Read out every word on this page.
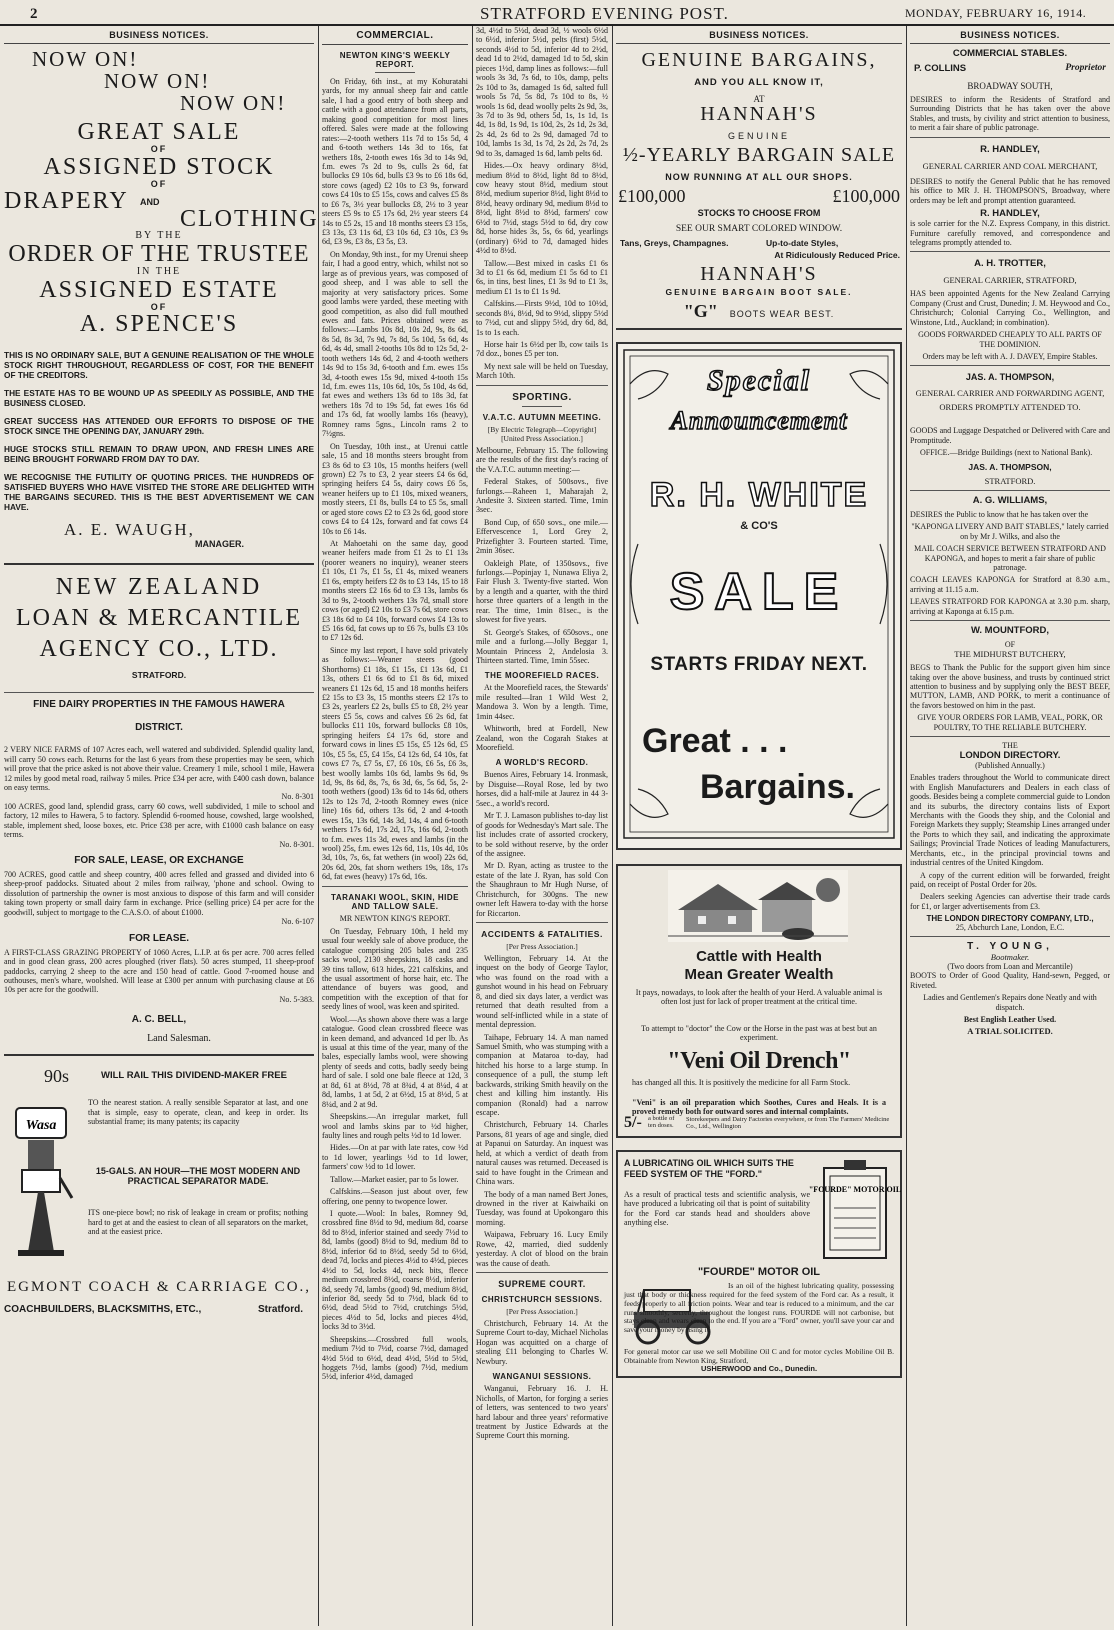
2	STRATFORD EVENING POST.	MONDAY, FEBRUARY 16, 1914.
BUSINESS NOTICES.
NOW ON!
NOW ON!
NOW ON!
GREAT SALE
OF
ASSIGNED STOCK
OF
DRAPERY AND
CLOTHING
BY THE
ORDER OF THE TRUSTEE
IN THE
ASSIGNED ESTATE
OF
A. SPENCE'S
THIS IS NO ORDINARY SALE, BUT A GENUINE REALISATION OF THE WHOLE STOCK RIGHT THROUGHOUT, REGARDLESS OF COST, FOR THE BENEFIT OF THE CREDITORS.
THE ESTATE HAS TO BE WOUND UP AS SPEEDILY AS POSSIBLE, AND THE BUSINESS CLOSED.
GREAT SUCCESS HAS ATTENDED OUR EFFORTS TO DISPOSE OF THE STOCK SINCE THE OPENING DAY, JANUARY 29th.
HUGE STOCKS STILL REMAIN TO DRAW UPON, AND FRESH LINES ARE BEING BROUGHT FORWARD FROM DAY TO DAY.
WE RECOGNISE THE FUTILITY OF QUOTING PRICES. THE HUNDREDS OF SATISFIED BUYERS WHO HAVE VISITED THE STORE ARE DELIGHTED WITH THE BARGAINS SECURED. THIS IS THE BEST ADVERTISEMENT WE CAN HAVE.
A. E. WAUGH,
MANAGER.
NEW ZEALAND
LOAN & MERCANTILE
AGENCY CO., LTD.
STRATFORD.
FINE DAIRY PROPERTIES IN THE FAMOUS HAWERA
DISTRICT.
2 VERY NICE FARMS of 107 Acres each, well watered and subdivided. Splendid quality land, will carry 50 cows each. Returns for the last 6 years from these properties may be seen, which will prove that the price asked is not above their value. Creamery 1 mile, school 1 mile, Hawera 12 miles by good metal road, railway 5 miles. Price £34 per acre, with £400 cash down, balance on easy terms.
No. 8-301
100 ACRES, good land, splendid grass, carry 60 cows, well subdivided, 1 mile to school and factory, 12 miles to Hawera, 5 to factory. Splendid 6-roomed house, cowshed, large woolshed, stable, implement shed, loose boxes, etc. Price £38 per acre, with £1000 cash balance on easy terms.
No. 8-301.
FOR SALE, LEASE, OR EXCHANGE
700 ACRES, good cattle and sheep country, 400 acres felled and grassed and divided into 6 sheep-proof paddocks. Situated about 2 miles from railway, 'phone and school. Owing to dissolution of partnership the owner is most anxious to dispose of this farm and will consider taking town property or small dairy farm in exchange. Price (selling price) £4 per acre for the goodwill, subject to mortgage to the C.A.S.O. of about £1000.
No. 6-107
FOR LEASE.
A FIRST-CLASS GRAZING PROPERTY of 1060 Acres, L.I.P. at 6s per acre. 700 acres felled and in good clean grass, 200 acres ploughed (river flats). 50 acres stumped, 11 sheep-proof paddocks, carrying 2 sheep to the acre and 150 head of cattle. Good 7-roomed house and outhouses, men's whare, woolshed. Will lease at £300 per annum with purchasing clause at £6 10s per acre for the goodwill.
No. 5-383.
A. C. BELL,
Land Salesman.
90s	WILL RAIL THIS DIVIDEND-MAKER FREE
Wasa
TO the nearest station. A really sensible Separator at last, and one that is simple, easy to operate, clean, and keep in order. Its substantial frame; its many patents; its capacity
15-GALS. AN HOUR—THE MOST MODERN AND PRACTICAL SEPARATOR MADE.
ITS one-piece bowl; no risk of leakage in cream or profits; nothing hard to get at and the easiest to clean of all separators on the market, and at the easiest price.
EGMONT COACH & CARRIAGE CO.,
COACHBUILDERS, BLACKSMITHS, ETC.,	Stratford.
COMMERCIAL.
NEWTON KING'S WEEKLY REPORT.
On Friday, 6th inst., at my Kohuratahi yards, for my annual sheep fair and cattle sale, I had a good entry of both sheep and cattle with a good attendance from all parts, making good competition for most lines offered. Sales were made at the following rates:—2-tooth wethers 11s 7d to 15s 5d, 4 and 6-tooth wethers 14s 3d to 16s, fat wethers 18s, 2-tooth ewes 16s 3d to 14s 9d, f.m. ewes 7s 2d to 9s, culls 2s 6d, fat bullocks £9 10s 6d, bulls £3 9s to £6 18s 6d, store cows (aged) £2 10s to £3 9s, forward cows £4 10s to £5 15s, cows and calves £5 8s to £6 7s, 3½ year bullocks £8, 2½ to 3 year steers £5 9s to £5 17s 6d, 2½ year steers £4 14s to £5 2s, 15 and 18 months steers £3 15s, £3 13s, £3 11s 6d, £3 10s 6d, £3 10s, £3 9s 6d, £3 9s, £3 8s, £3 5s, £3.
On Monday, 9th inst., for my Urenui sheep fair, I had a good entry, which, whilst not so large as of previous years, was composed of good sheep, and I was able to sell the majority at very satisfactory prices. Some good lambs were yarded, these meeting with good competition, as also did full mouthed ewes and fats. Prices obtained were as follows:—Lambs 10s 8d, 10s 2d, 9s, 8s 6d, 8s 5d, 8s 3d, 7s 9d, 7s 8d, 5s 10d, 5s 6d, 4s 6d, 4s 4d, small 2-tooths 10s 8d to 12s 5d, 2-tooth wethers 14s 6d, 2 and 4-tooth wethers 14s 9d to 15s 3d, 6-tooth and f.m. ewes 15s 3d, 4-tooth ewes 15s 9d, mixed 4-tooth 15s 1d, f.m. ewes 11s, 10s 6d, 10s, 5s 10d, 4s 6d, fat ewes and wethers 13s 6d to 18s 3d, fat wethers 18s 7d to 19s 5d, fat ewes 16s 6d and 17s 6d, fat woolly lambs 16s (heavy), Romney rams 5gns., Lincoln rams 2 to 7½gns.
On Tuesday, 10th inst., at Urenui cattle sale, 15 and 18 months steers brought from £3 8s 6d to £3 10s, 15 months heifers (well grown) £2 7s to £3, 2 year steers £4 6s 6d, springing heifers £4 5s, dairy cows £6 5s, weaner heifers up to £1 10s, mixed weaners, mostly steers, £1 8s, bulls £4 to £5 5s, small or aged store cows £2 to £3 2s 6d, good store cows £4 to £4 12s, forward and fat cows £4 10s to £6 14s.
At Mahoetahi on the same day, good weaner heifers made from £1 2s to £1 13s (poorer weaners no inquiry), weaner steers £1 10s, £1 7s, £1 5s, £1 4s, mixed weaners £1 6s, empty heifers £2 8s to £3 14s, 15 to 18 months steers £2 16s 6d to £3 13s, lambs 6s 3d to 9s, 2-tooth wethers 13s 7d, small store cows (or aged) £2 10s to £3 7s 6d, store cows £3 18s 6d to £4 10s, forward cows £4 13s to £5 16s 6d, fat cows up to £6 7s, bulls £3 10s to £7 12s 6d.
Since my last report, I have sold privately as follows:—Weaner steers (good Shorthorns) £1 18s, £1 15s, £1 13s 6d, £1 13s, others £1 6s 6d to £1 8s 6d, mixed weaners £1 12s 6d, 15 and 18 months heifers £2 15s to £3 3s, 15 months steers £2 17s to £3 2s, yearlers £2 2s, bulls £5 to £8, 2½ year steers £5 5s, cows and calves £6 2s 6d, fat bullocks £11 10s, forward bullocks £8 10s, springing heifers £4 17s 6d, store and forward cows in lines £5 15s, £5 12s 6d, £5 10s, £5 5s, £5, £4 15s, £4 12s 6d, £4 10s, fat cows £7 7s, £7 5s, £7, £6 10s, £6 5s, £6 3s, best woolly lambs 10s 6d, lambs 9s 6d, 9s 1d, 9s, 8s 6d, 8s, 7s, 6s 3d, 6s, 5s 6d, 5s, 2-tooth wethers (good) 13s 6d to 14s 6d, others 12s to 12s 7d, 2-tooth Romney ewes (nice line) 16s 6d, others 13s 6d, 2 and 4-tooth ewes 15s, 13s 6d, 14s 3d, 14s, 4 and 6-tooth wethers 17s 6d, 17s 2d, 17s, 16s 6d, 2-tooth to f.m. ewes 11s 3d, ewes and lambs (in the wool) 25s, f.m. ewes 12s 6d, 11s, 10s 4d, 10s 3d, 10s, 7s, 6s, fat wethers (in wool) 22s 6d, 20s 6d, 20s, fat shorn wethers 19s, 18s, 17s 6d, fat ewes (heavy) 17s 6d, 16s.
TARANAKI WOOL, SKIN, HIDE AND TALLOW SALE.
MR NEWTON KING'S REPORT.
On Tuesday, February 10th, I held my usual four weekly sale of above produce, the catalogue comprising 205 bales and 235 sacks wool, 2130 sheepskins, 18 casks and 39 tins tallow, 613 hides, 221 calfskins, and the usual assortment of horse hair, etc. The attendance of buyers was good, and competition with the exception of that for seedy lines of wool, was keen and spirited.
Wool.—As shown above there was a large catalogue. Good clean crossbred fleece was in keen demand, and advanced 1d per lb. As is usual at this time of the year, many of the bales, especially lambs wool, were showing plenty of seeds and cotts, badly seedy being hard of sale. I sold one bale fleece at 12d, 3 at 8d, 61 at 8½d, 78 at 8¾d, 4 at 8¼d, 4 at 8d, lambs, 1 at 5d, 2 at 6½d, 15 at 8½d, 5 at 8¼d, and 2 at 9d.
Sheepskins.—An irregular market, full wool and lambs skins par to ½d higher, faulty lines and rough pelts ½d to 1d lower.
Hides.—On at par with late rates, cow ½d to 1d lower, yearlings ½d to 1d lower, farmers' cow ½d to 1d lower.
Tallow.—Market easier, par to 5s lower.
Calfskins.—Season just about over, few offering, one penny to twopence lower.
I quote.—Wool: In bales, Romney 9d, crossbred fine 8½d to 9d, medium 8d, coarse 8d to 8½d, inferior stained and seedy 7½d to 8d, lambs (good) 8½d to 9d, medium 8d to 8½d, inferior 6d to 8½d, seedy 5d to 6½d, dead 7d, locks and pieces 4½d to 4½d, pieces 4½d to 5d, locks 4d, neck bits, fleece medium crossbred 8½d, coarse 8½d, inferior 8d, seedy 7d, lambs (good) 9d, medium 8½d, inferior 8d, seedy 5d to 7½d, black 6d to 6½d, dead 5½d to 7½d, crutchings 5½d, pieces 4½d to 5d, locks and pieces 4½d, locks 3d to 3½d.
Sheepskins.—Crossbred full wools, medium 7½d to 7½d, coarse 7½d, damaged 4½d 5½d to 6½d, dead 4½d, 5½d to 5½d, hoggets 7½d, lambs (good) 7½d, medium 5½d, inferior 4½d, damaged
3d, 4½d to 5½d, dead 3d, ½ wools 6½d to 6½d, inferior 5½d, pelts (first) 5½d, seconds 4½d to 5d, inferior 4d to 2½d, dead 1d to 2½d, damaged 1d to 5d, skin pieces 1½d, damp lines as follows:—full wools 3s 3d, 7s 6d, to 10s, damp, pelts 2s 10d to 3s, damaged 1s 6d, salted full wools 5s 7d, 5s 8d, 7s 10d to 8s, ½ wools 1s 6d, dead woolly pelts 2s 9d, 3s, 3s 7d to 3s 9d, others 5d, 1s, 1s 1d, 1s 4d, 1s 8d, 1s 9d, 1s 10d, 2s, 2s 1d, 2s 3d, 2s 4d, 2s 6d to 2s 9d, damaged 7d to 10d, lambs 1s 3d, 1s 7d, 2s 2d, 2s 7d, 2s 9d to 3s, damaged 1s 6d, lamb pelts 6d.
Hides.—Ox heavy ordinary 8½d, medium 8½d to 8½d, light 8d to 8½d, cow heavy stout 8½d, medium stout 8½d, medium superior 8½d, light 8½d to 8½d, heavy ordinary 9d, medium 8½d to 8½d, light 8½d to 8½d, farmers' cow 6½d to 7½d, stags 5½d to 6d, dry cow 8d, horse hides 3s, 5s, 6s 6d, yearlings (ordinary) 6½d to 7d, damaged hides 4½d to 8½d.
Tallow.—Best mixed in casks £1 6s 3d to £1 6s 6d, medium £1 5s 6d to £1 6s, in tins, best lines, £1 3s 9d to £1 3s, medium £1 1s to £1 1s 9d.
Calfskins.—Firsts 9½d, 10d to 10½d, seconds 8¼, 8½d, 9d to 9½d, slippy 5½d to 7½d, cut and slippy 5½d, dry 6d, 8d, 1s to 1s each.
Horse hair 1s 6½d per lb, cow tails 1s 7d doz., bones £5 per ton.
My next sale will be held on Tuesday, March 10th.
SPORTING.
V.A.T.C. AUTUMN MEETING.
[By Electric Telegraph—Copyright] [United Press Association.]
Melbourne, February 15. The following are the results of the first day's racing of the V.A.T.C. autumn meeting:—
Federal Stakes, of 500sovs., five furlongs.—Raheen 1, Maharajah 2, Andesite 3. Sixteen started. Time, 1min 3sec.
Bond Cup, of 650 sovs., one mile.—Effervescence 1, Lord Grey 2, Prizefighter 3. Fourteen started. Time, 2min 36sec.
Oakleigh Plate, of 1350sovs., five furlongs.—Popinjay 1, Nunawa Eliya 2, Fair Flush 3. Twenty-five started. Won by a length and a quarter, with the third horse three quarters of a length in the rear. The time, 1min 81sec., is the slowest for five years.
St. George's Stakes, of 650sovs., one mile and a furlong.—Jolly Beggar 1, Mountain Princess 2, Andelosia 3. Thirteen started. Time, 1min 55sec.
THE MOOREFIELD RACES.
At the Moorefield races, the Stewards' mile resulted—Iran 1 Wild West 2, Mandowa 3. Won by a length. Time, 1min 44sec.
Whitworth, bred at Fordell, New Zealand, won the Cogarah Stakes at Moorefield.
A WORLD'S RECORD.
Buenos Aires, February 14. Ironmask, by Disguise—Royal Rose, led by two horses, did a half-mile at Jaurez in 44 3-5sec., a world's record.
Mr T. J. Lamason publishes to-day list of goods for Wednesday's Mart sale. The list includes crate of assorted crockery, to be sold without reserve, by the order of the assignee.
Mr D. Ryan, acting as trustee to the estate of the late J. Ryan, has sold Con the Shaughraun to Mr Hugh Nurse, of Christchurch, for 300gns. The new owner left Hawera to-day with the horse for Riccarton.
ACCIDENTS & FATALITIES.
[Per Press Association.]
Wellington, February 14. At the inquest on the body of George Taylor, who was found on the road with a gunshot wound in his head on February 8, and died six days later, a verdict was returned that death resulted from a wound self-inflicted while in a state of mental depression.
Taihape, February 14. A man named Samuel Smith, who was stumping with a companion at Mataroa to-day, had hitched his horse to a large stump. In consequence of a pull, the stump left backwards, striking Smith heavily on the chest and killing him instantly. His companion (Ronald) had a narrow escape.
Christchurch, February 14. Charles Parsons, 81 years of age and single, died at Papanui on Saturday. An inquest was held, at which a verdict of death from natural causes was returned. Deceased is said to have fought in the Crimean and China wars.
The body of a man named Bert Jones, drowned in the river at Kaiwhaiki on Tuesday, was found at Upokongaro this morning.
Waipawa, February 16. Lucy Emily Rowe, 42, married, died suddenly yesterday. A clot of blood on the brain was the cause of death.
SUPREME COURT.
CHRISTCHURCH SESSIONS.
[Per Press Association.]
Christchurch, February 14. At the Supreme Court to-day, Michael Nicholas Hogan was acquitted on a charge of stealing £11 belonging to Charles W. Newbury.
WANGANUI SESSIONS.
Wanganui, February 16. J. H. Nicholls, of Marton, for forging a series of letters, was sentenced to two years' hard labour and three years' reformative treatment by Justice Edwards at the Supreme Court this morning.
BUSINESS NOTICES.
GENUINE BARGAINS,
AND YOU ALL KNOW IT,
AT
HANNAH'S
GENUINE
½-YEARLY BARGAIN SALE
NOW RUNNING AT ALL OUR SHOPS.
£100,000	£100,000
STOCKS TO CHOOSE FROM
SEE OUR SMART COLORED WINDOW.
Tans, Greys, Champagnes.	Up-to-date Styles,
At Ridiculously Reduced Price.
HANNAH'S
GENUINE BARGAIN BOOT SALE.
"G" BOOTS WEAR BEST.
Special
Announcement
R. H. WHITE
& CO'S
SALE
STARTS FRIDAY NEXT.
Great . . .
Bargains.
Cattle with Health
Mean Greater Wealth
It pays, nowadays, to look after the health of your Herd. A valuable animal is often lost just for lack of proper treatment at the critical time.
To attempt to "doctor" the Cow or the Horse in the past was at best but an experiment.
"Veni Oil Drench"
has changed all this. It is positively the medicine for all Farm Stock.
"Veni" is an oil preparation which Soothes, Cures and Heals. It is a proved remedy both for outward sores and internal complaints.
5/- a bottle of ten doses.
Storekeepers and Dairy Factories everywhere, or from The Farmers' Medicine Co., Ltd., Wellington
A LUBRICATING OIL WHICH SUITS THE FEED SYSTEM OF THE "FORD."
As a result of practical tests and scientific analysis, we have produced a lubricating oil that is point of suitability for the Ford car stands head and shoulders above anything else.
"FOURDE" MOTOR OIL
"FOURDE" MOTOR OIL
Is an oil of the highest lubricating quality, possessing just that body or thickness required for the feed system of the Ford car. As a result, it feeds properly to all friction points. Wear and tear is reduced to a minimum, and the car runs smoothly, secretly, throughout the longest runs. FOURDE will not carbonise, but stays clean and wears clean to the end. If you are a "Ford" owner, you'll save your car and save your money by using it.
For general motor car use we sell Mobiline Oil C and for motor cycles Mobiline Oil B. Obtainable from Newton King, Stratford,
USHERWOOD and Co., Dunedin.
BUSINESS NOTICES.
COMMERCIAL STABLES.
P. COLLINS	Proprietor
BROADWAY SOUTH,
DESIRES to inform the Residents of Stratford and Surrounding Districts that he has taken over the above Stables, and trusts, by civility and strict attention to business, to merit a fair share of public patronage.
R. HANDLEY,
GENERAL CARRIER AND COAL MERCHANT,
DESIRES to notify the General Public that he has removed his office to MR J. H. THOMPSON'S, Broadway, where orders may be left and prompt attention guaranteed.
R. HANDLEY,
is sole carrier for the N.Z. Express Company, in this district. Furniture carefully removed, and correspondence and telegrams promptly attended to.
A. H. TROTTER,
GENERAL CARRIER, STRATFORD,
HAS been appointed Agents for the New Zealand Carrying Company (Crust and Crust, Dunedin; J. M. Heywood and Co., Christchurch; Colonial Carrying Co., Wellington, and Winstone, Ltd., Auckland; in combination).
GOODS FORWARDED CHEAPLY TO ALL PARTS OF THE DOMINION.
Orders may be left with A. J. DAVEY, Empire Stables.
JAS. A. THOMPSON,
GENERAL CARRIER AND FORWARDING AGENT,
ORDERS PROMPTLY ATTENDED TO.
GOODS and Luggage Despatched or Delivered with Care and Promptitude.
OFFICE.—Bridge Buildings (next to National Bank).
JAS. A. THOMPSON,
STRATFORD.
A. G. WILLIAMS,
DESIRES the Public to know that he has taken over the
"KAPONGA LIVERY AND BAIT STABLES," lately carried on by Mr J. Wilks, and also the
MAIL COACH SERVICE BETWEEN STRATFORD AND KAPONGA, and hopes to merit a fair share of public patronage.
COACH LEAVES KAPONGA for Stratford at 8.30 a.m., arriving at 11.15 a.m.
LEAVES STRATFORD FOR KAPONGA at 3.30 p.m. sharp, arriving at Kaponga at 6.15 p.m.
W. MOUNTFORD,
OF
THE MIDHURST BUTCHERY,
BEGS to Thank the Public for the support given him since taking over the above business, and trusts by continued strict attention to business and by supplying only the BEST BEEF, MUTTON, LAMB, AND PORK, to merit a continuance of the favors bestowed on him in the past.
GIVE YOUR ORDERS FOR LAMB, VEAL, PORK, OR POULTRY, TO THE RELIABLE BUTCHERY.
THE
LONDON DIRECTORY.
(Published Annually.)
Enables traders throughout the World to communicate direct with English Manufacturers and Dealers in each class of goods. Besides being a complete commercial guide to London and its suburbs, the directory contains lists of Export Merchants with the Goods they ship, and the Colonial and Foreign Markets they supply; Steamship Lines arranged under the Ports to which they sail, and indicating the approximate Sailings; Provincial Trade Notices of leading Manufacturers, Merchants, etc., in the principal provincial towns and industrial centres of the United Kingdom.
A copy of the current edition will be forwarded, freight paid, on receipt of Postal Order for 20s.
Dealers seeking Agencies can advertise their trade cards for £1, or larger advertisements from £3.
THE LONDON DIRECTORY COMPANY, LTD.,
25, Abchurch Lane, London, E.C.
T. YOUNG,
Bootmaker.
(Two doors from Loan and Mercantile)
BOOTS to Order of Good Quality, Hand-sewn, Pegged, or Riveted.
Ladies and Gentlemen's Repairs done Neatly and with dispatch.
Best English Leather Used.
A TRIAL SOLICITED.
